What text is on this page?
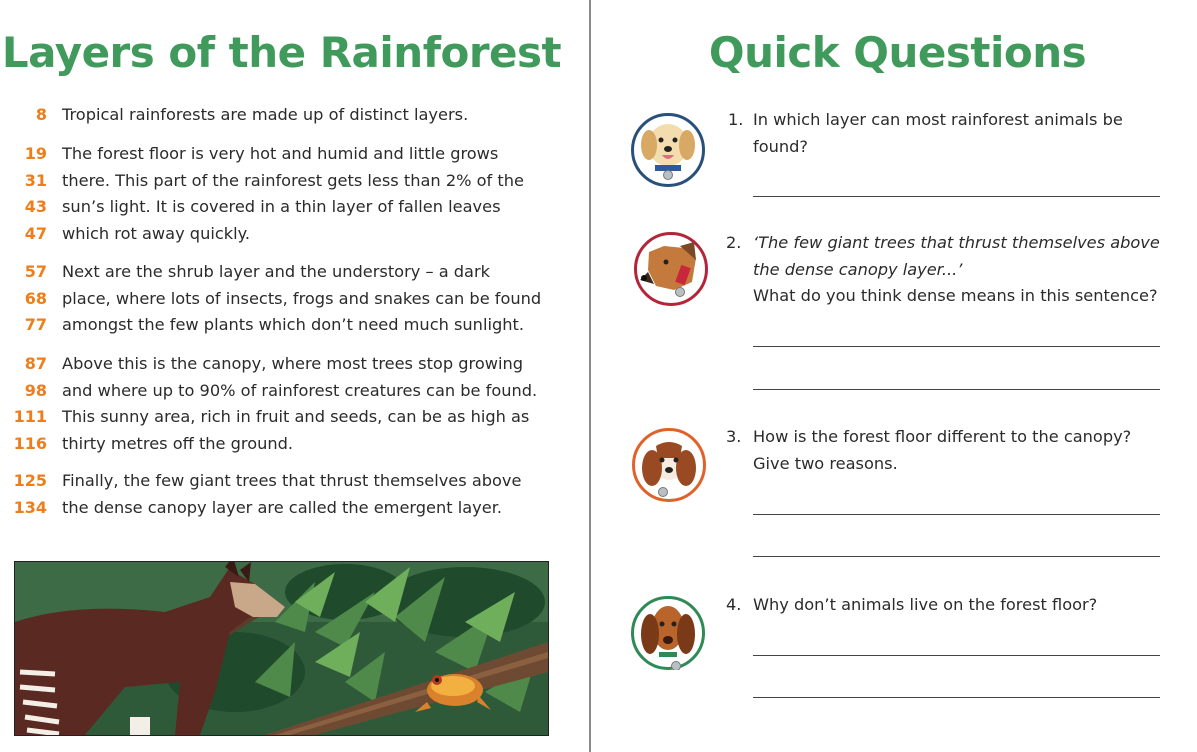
Layers of the Rainforest
8 Tropical rainforests are made up of distinct layers.
19 The forest floor is very hot and humid and little grows
31 there. This part of the rainforest gets less than 2% of the
43 sun’s light. It is covered in a thin layer of fallen leaves
47 which rot away quickly.
57 Next are the shrub layer and the understory – a dark
68 place, where lots of insects, frogs and snakes can be found
77 amongst the few plants which don’t need much sunlight.
87 Above this is the canopy, where most trees stop growing
98 and where up to 90% of rainforest creatures can be found.
111 This sunny area, rich in fruit and seeds, can be as high as
116 thirty metres off the ground.
125 Finally, the few giant trees that thrust themselves above
134 the dense canopy layer are called the emergent layer.
Quick Questions
1. In which layer can most rainforest animals be
found?
2. ‘The few giant trees that thrust themselves above
the dense canopy layer...’
What do you think dense means in this sentence?
3. How is the forest floor different to the canopy?
Give two reasons.
4. Why don’t animals live on the forest floor?
